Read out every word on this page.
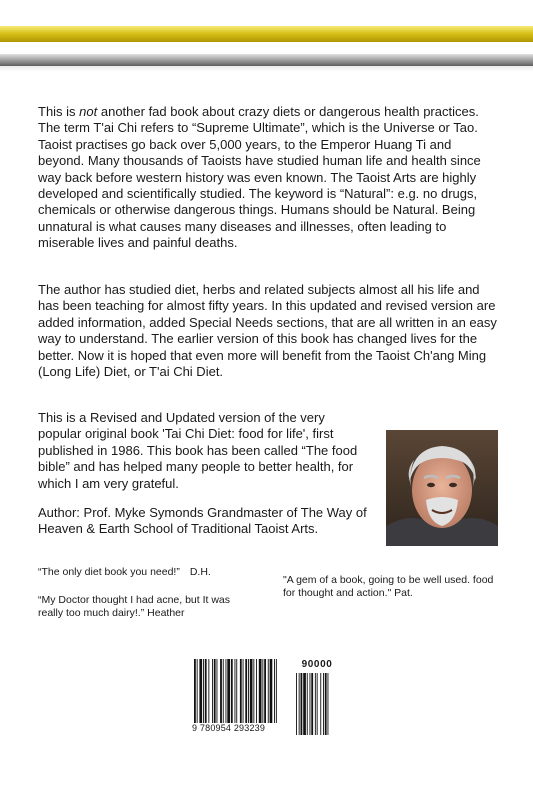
This is not another fad book about crazy diets or dangerous health practices. The term T'ai Chi refers to “Supreme Ultimate”, which is the Universe or Tao. Taoist practises go back over 5,000 years, to the Emperor Huang Ti and beyond. Many thousands of Taoists have studied human life and health since way back before western history was even known. The Taoist Arts are highly developed and scientifically studied. The keyword is “Natural”: e.g. no drugs, chemicals or otherwise dangerous things. Humans should be Natural. Being unnatural is what causes many diseases and illnesses, often leading to miserable lives and painful deaths.

The author has studied diet, herbs and related subjects almost all his life and has been teaching for almost fifty years. In this updated and revised version are added information, added Special Needs sections, that are all written in an easy way to understand. The earlier version of this book has changed lives for the better. Now it is hoped that even more will benefit from the Taoist Ch'ang Ming (Long Life) Diet, or T'ai Chi Diet.

This is a Revised and Updated version of the very popular original book 'Tai Chi Diet: food for life', first published in 1986. This book has been called “The food bible” and has helped many people to better health, for which I am very grateful.

Author: Prof. Myke Symonds Grandmaster of The Way of Heaven & Earth School of Traditional Taoist Arts.

“The only diet book you need!” D.H.

“My Doctor thought I had acne, but It was really too much dairy!.” Heather

"A gem of a book, going to be well used. food for thought and action." Pat.

9 780954 293239
90000
